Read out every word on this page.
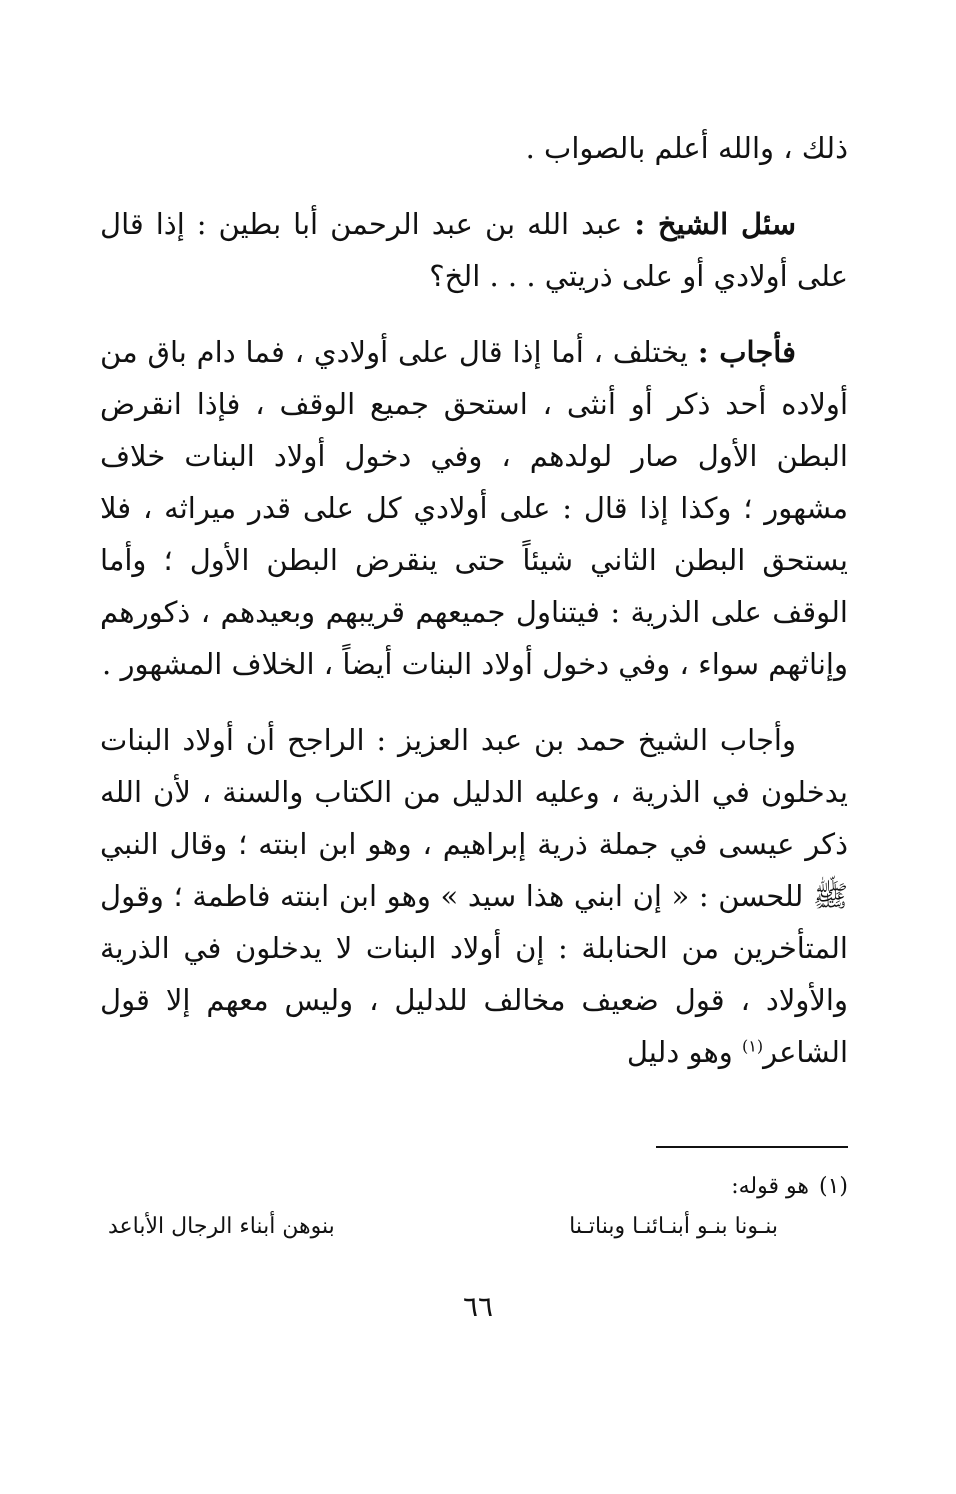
ذلك ، والله أعلم بالصواب .

سئل الشيخ : عبد الله بن عبد الرحمن أبا بطين : إذا قال على أولادي أو على ذريتي . . . الخ؟

فأجاب : يختلف ، أما إذا قال على أولادي ، فما دام باق من أولاده أحد ذكر أو أنثى ، استحق جميع الوقف ، فإذا انقرض البطن الأول صار لولدهم ، وفي دخول أولاد البنات خلاف مشهور ؛ وكذا إذا قال : على أولادي كل على قدر ميراثه ، فلا يستحق البطن الثاني شيئاً حتى ينقرض البطن الأول ؛ وأما الوقف على الذرية : فيتناول جميعهم قريبهم وبعيدهم ، ذكورهم وإناثهم سواء ، وفي دخول أولاد البنات أيضاً ، الخلاف المشهور .

وأجاب الشيخ حمد بن عبد العزيز : الراجح أن أولاد البنات يدخلون في الذرية ، وعليه الدليل من الكتاب والسنة ، لأن الله ذكر عيسى في جملة ذرية إبراهيم ، وهو ابن ابنته ؛ وقال النبي ﷺ للحسن : « إن ابني هذا سيد » وهو ابن ابنته فاطمة ؛ وقول المتأخرين من الحنابلة : إن أولاد البنات لا يدخلون في الذرية والأولاد ، قول ضعيف مخالف للدليل ، وليس معهم إلا قول الشاعر$^{(١)}$ وهو دليل

(١)هو قوله:
بنـونا بنـو أبنـائنـا وبناتـنا
بنوهن أبناء الرجال الأباعد
٦٦
